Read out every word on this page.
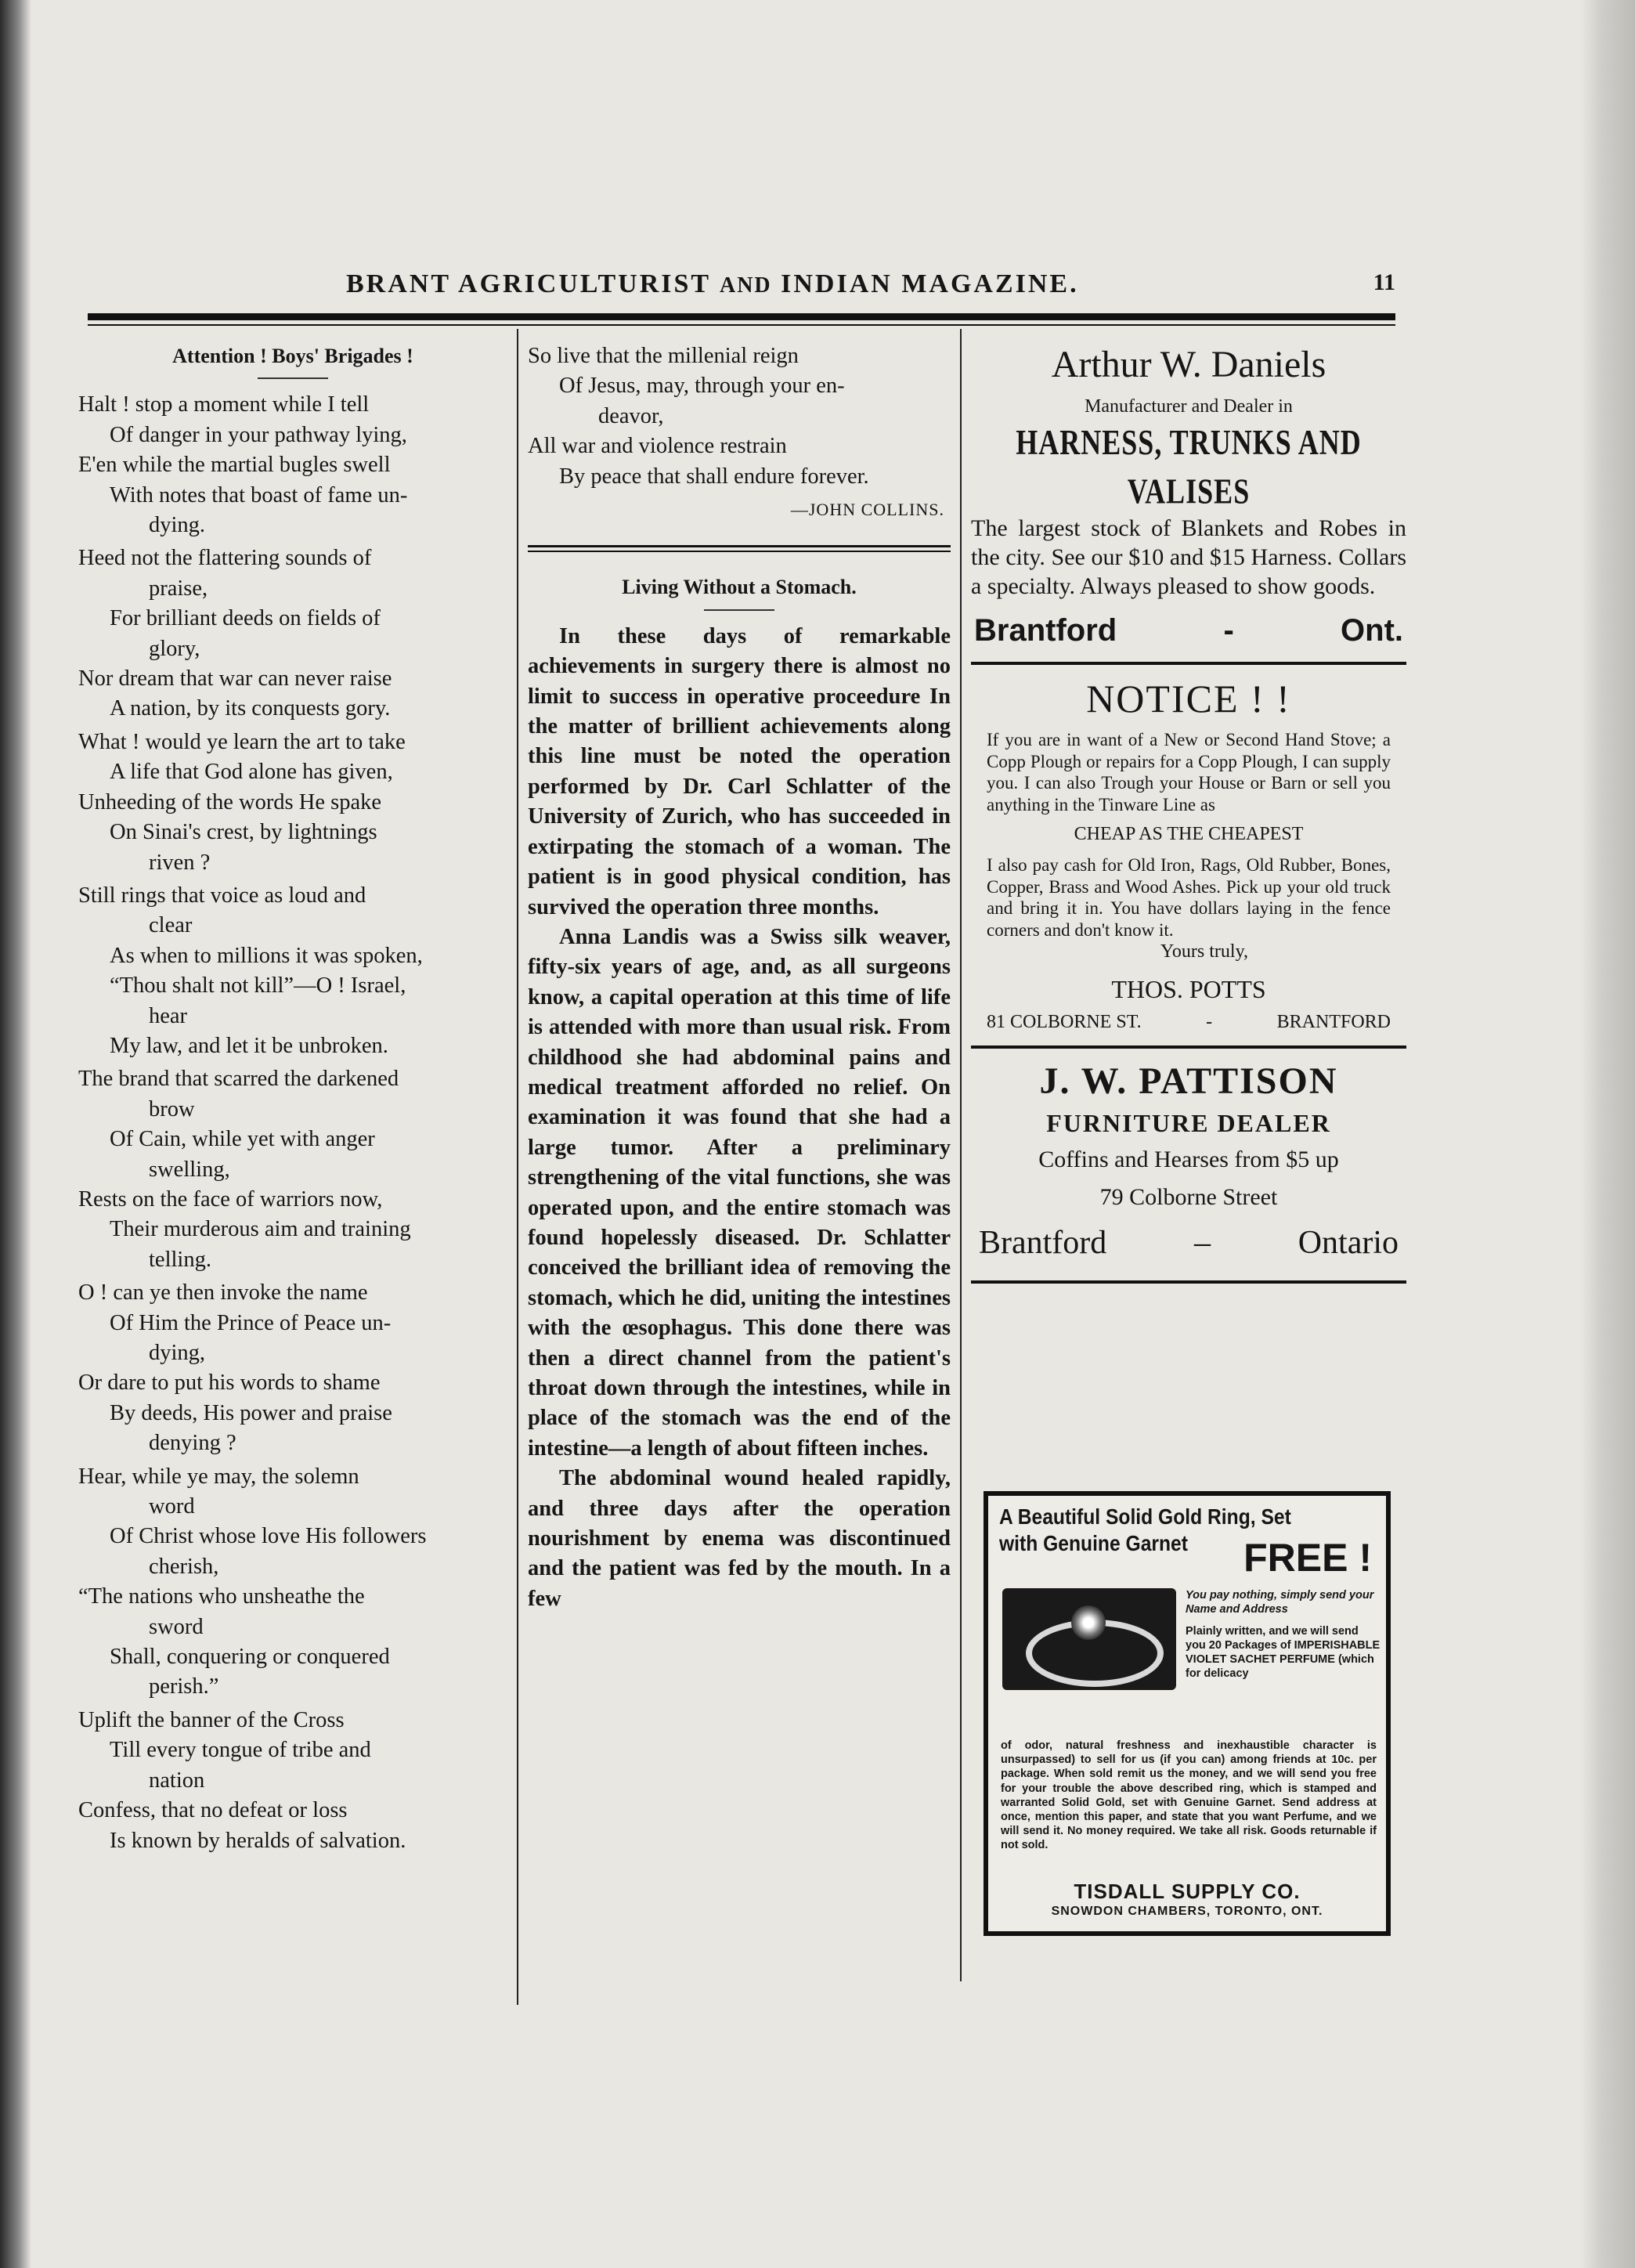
BRANT AGRICULTURIST AND INDIAN MAGAZINE.	11
Attention ! Boys' Brigades !
Halt ! stop a moment while I tell
Of danger in your pathway lying,
E'en while the martial bugles swell
With notes that boast of fame un-
dying.
Heed not the flattering sounds of
praise,
For brilliant deeds on fields of
glory,
Nor dream that war can never raise
A nation, by its conquests gory.
What ! would ye learn the art to take
A life that God alone has given,
Unheeding of the words He spake
On Sinai's crest, by lightnings
riven ?
Still rings that voice as loud and
clear
As when to millions it was spoken,
“Thou shalt not kill”—O ! Israel,
hear
My law, and let it be unbroken.
The brand that scarred the darkened
brow
Of Cain, while yet with anger
swelling,
Rests on the face of warriors now,
Their murderous aim and training
telling.
O ! can ye then invoke the name
Of Him the Prince of Peace un-
dying,
Or dare to put his words to shame
By deeds, His power and praise
denying ?
Hear, while ye may, the solemn
word
Of Christ whose love His followers
cherish,
“The nations who unsheathe the
sword
Shall, conquering or conquered
perish.”
Uplift the banner of the Cross
Till every tongue of tribe and
nation
Confess, that no defeat or loss
Is known by heralds of salvation.
So live that the millenial reign
Of Jesus, may, through your en-
deavor,
All war and violence restrain
By peace that shall endure forever.
—JOHN COLLINS.
Living Without a Stomach.

In these days of remarkable achievements in surgery there is almost no limit to success in operative proceedure In the matter of brillient achievements along this line must be noted the operation performed by Dr. Carl Schlatter of the University of Zurich, who has succeeded in extirpating the stomach of a woman. The patient is in good physical condition, has survived the operation three months.

Anna Landis was a Swiss silk weaver, fifty-six years of age, and, as all surgeons know, a capital operation at this time of life is attended with more than usual risk. From childhood she had abdominal pains and medical treatment afforded no relief. On examination it was found that she had a large tumor. After a preliminary strengthening of the vital functions, she was operated upon, and the entire stomach was found hopelessly diseased. Dr. Schlatter conceived the brilliant idea of removing the stomach, which he did, uniting the intestines with the œsophagus. This done there was then a direct channel from the patient's throat down through the intestines, while in place of the stomach was the end of the intestine—a length of about fifteen inches.

The abdominal wound healed rapidly, and three days after the operation nourishment by enema was discontinued and the patient was fed by the mouth. In a few

Arthur W. Daniels
Manufacturer and Dealer in
HARNESS, TRUNKS AND VALISES
The largest stock of Blankets and Robes in the city. See our $10 and $15 Harness. Collars a specialty. Always pleased to show goods.
Brantford	-	Ont.
NOTICE ! !
If you are in want of a New or Second Hand Stove; a Copp Plough or repairs for a Copp Plough, I can supply you. I can also Trough your House or Barn or sell you anything in the Tinware Line as
CHEAP AS THE CHEAPEST
I also pay cash for Old Iron, Rags, Old Rubber, Bones, Copper, Brass and Wood Ashes. Pick up your old truck and bring it in. You have dollars laying in the fence corners and don't know it.
Yours truly,
THOS. POTTS
81 COLBORNE ST.	-	BRANTFORD
J. W. PATTISON
FURNITURE DEALER
Coffins and Hearses from $5 up
79 Colborne Street
Brantford	–	Ontario
A Beautiful Solid Gold Ring, Set
with Genuine Garnet	FREE !
You pay nothing, simply send your Name and Address
Plainly written, and we will send you 20 Packages of IMPERISHABLE VIOLET SACHET PERFUME (which for delicacy
of odor, natural freshness and inexhaustible character is unsurpassed) to sell for us (if you can) among friends at 10c. per package. When sold remit us the money, and we will send you free for your trouble the above described ring, which is stamped and warranted Solid Gold, set with Genuine Garnet. Send address at once, mention this paper, and state that you want Perfume, and we will send it. No money required. We take all risk. Goods returnable if not sold.
TISDALL SUPPLY CO.
SNOWDON CHAMBERS, TORONTO, ONT.
